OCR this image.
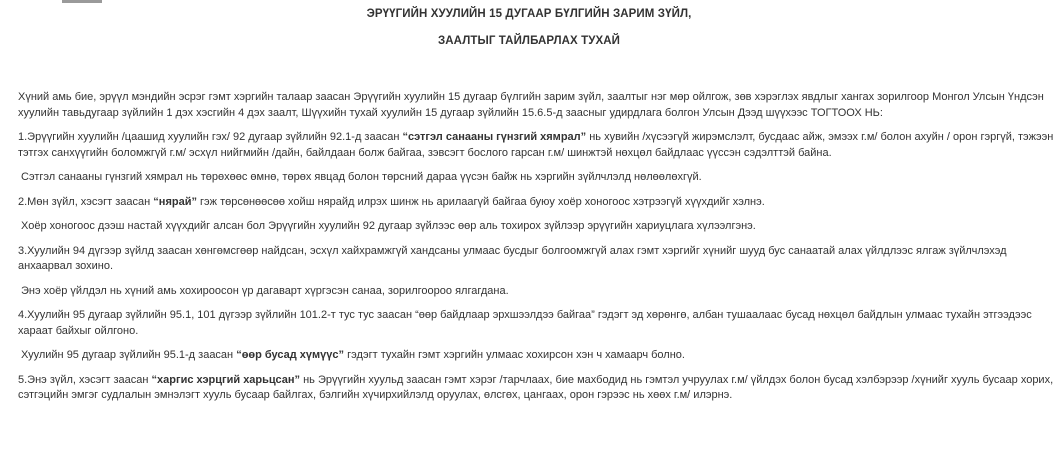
ЭРҮҮГИЙН ХУУЛИЙН 15 ДУГААР БҮЛГИЙН ЗАРИМ ЗҮЙЛ,
ЗААЛТЫГ ТАЙЛБАРЛАХ ТУХАЙ

Хүний амь бие, эрүүл мэндийн эсрэг гэмт хэргийн талаар заасан Эрүүгийн хуулийн 15 дугаар бүлгийн зарим зүйл, заалтыг нэг мөр ойлгож, зөв хэрэглэх явдлыг хангах зорилгоор Монгол Улсын Үндсэн хуулийн тавьдугаар зүйлийн 1 дэх хэсгийн 4 дэх заалт, Шүүхийн тухай хуулийн 15 дугаар зүйлийн 15.6.5-д заасныг удирдлага болгон Улсын Дээд шүүхээс ТОГТООХ НЬ:

1.Эрүүгийн хуулийн /цаашид хуулийн гэх/ 92 дугаар зүйлийн 92.1-д заасан “сэтгэл санааны гүнзгий хямрал” нь хувийн /хүсээгүй жирэмслэлт, бусдаас айж, эмээх г.м/ болон ахуйн / орон гэргүй, тэжээн тэтгэх санхүүгийн боломжгүй г.м/ эсхүл нийгмийн /дайн, байлдаан болж байгаа, зэвсэгт бослого гарсан г.м/ шинжтэй нөхцөл байдлаас үүссэн сэдэлттэй байна.

Сэтгэл санааны гүнзгий хямрал нь төрөхөөс өмнө, төрөх явцад болон төрсний дараа үүсэн байж нь хэргийн зүйлчлэлд нөлөөлөхгүй.

2.Мөн зүйл, хэсэгт заасан “нярай” гэж төрсөнөөсөө хойш нярайд илрэх шинж нь арилаагүй байгаа буюу хоёр хоногоос хэтрээгүй хүүхдийг хэлнэ.

Хоёр хоногоос дээш настай хүүхдийг алсан бол Эрүүгийн хуулийн 92 дугаар зүйлээс өөр аль тохирох зүйлээр эрүүгийн хариуцлага хүлээлгэнэ.

3.Хуулийн 94 дүгээр зүйлд заасан хөнгөмсгөөр найдсан, эсхүл хайхрамжгүй хандсаны улмаас бусдыг болгоомжгүй алах гэмт хэргийг хүнийг шууд бус санаатай алах үйлдлээс ялгаж зүйлчлэхэд анхаарвал зохино.

Энэ хоёр үйлдэл нь хүний амь хохироосон үр дагаварт хүргэсэн санаа, зорилгоороо ялгагдана.

4.Хуулийн 95 дугаар зүйлийн 95.1, 101 дүгээр зүйлийн 101.2-т тус тус заасан “өөр байдлаар эрхшээлдээ байгаа” гэдэгт эд хөрөнгө, албан тушаалаас бусад нөхцөл байдлын улмаас тухайн этгээдээс хараат байхыг ойлгоно.

Хуулийн 95 дугаар зүйлийн 95.1-д заасан “өөр бусад хүмүүс” гэдэгт тухайн гэмт хэргийн улмаас хохирсон хэн ч хамаарч болно.

5.Энэ зүйл, хэсэгт заасан “харгис хэрцгий харьцсан” нь Эрүүгийн хуульд заасан гэмт хэрэг /тарчлаах, бие махбодид нь гэмтэл учруулах г.м/ үйлдэх болон бусад хэлбэрээр /хүнийг хууль бусаар хорих, сэтгэцийн эмгэг судлалын эмнэлэгт хууль бусаар байлгах, бэлгийн хүчирхийлэлд оруулах, өлсгөх, цангаах, орон гэрээс нь хөөх г.м/ илэрнэ.
